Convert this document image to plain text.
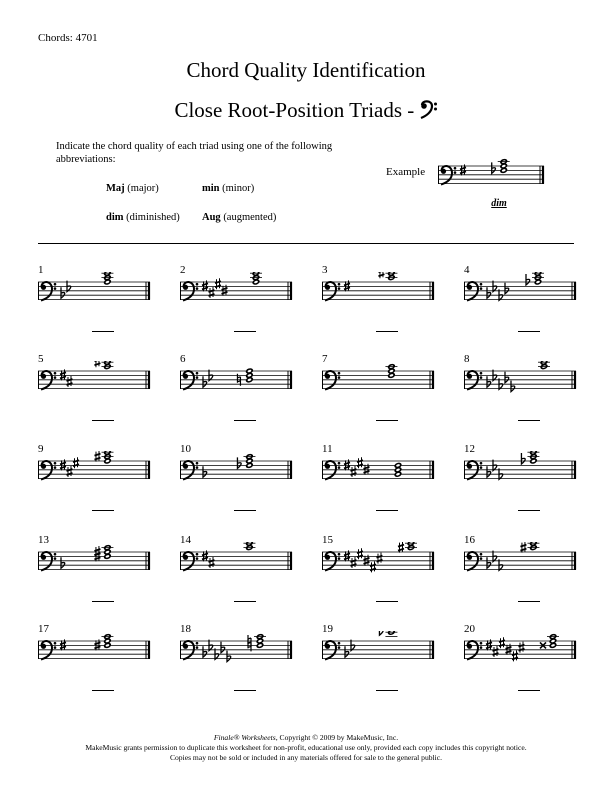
Chords: 4701
Chord Quality Identification
Close Root-Position Triads -
Indicate the chord quality of each triad using one of the following abbreviations:
Maj (major)	min (minor)
dim (diminished) Aug (augmented)
Example
dim
1	2	3	4
5	6	7	8
9	10	11	12
13	14	15	16
17	18	19	20
Finale® Worksheets, Copyright © 2009 by MakeMusic, Inc.
MakeMusic grants permission to duplicate this worksheet for non-profit, educational use only, provided each copy includes this copyright notice.
Copies may not be sold or included in any materials offered for sale to the general public.
